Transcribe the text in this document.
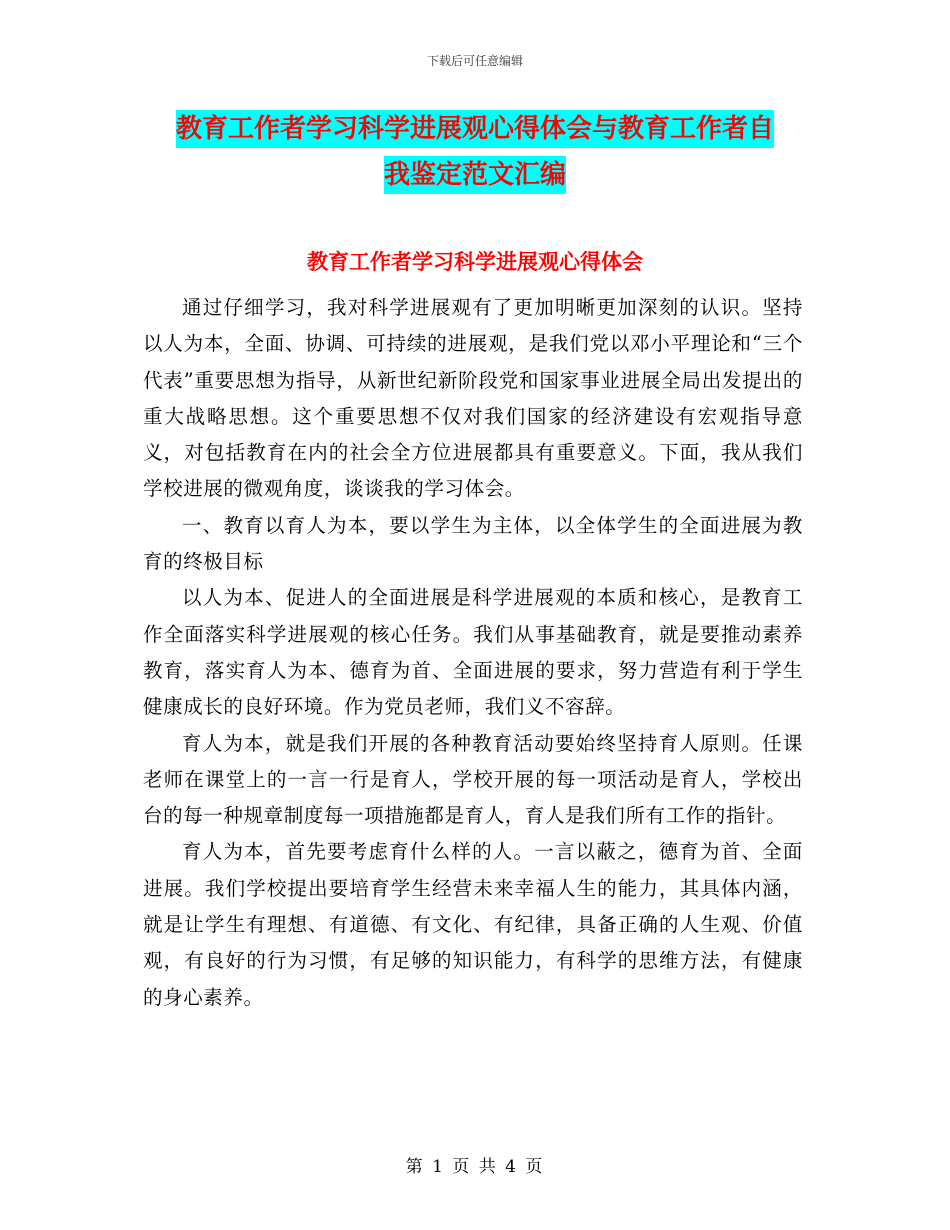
下载后可任意编辑
教育工作者学习科学进展观心得体会与教育工作者自
我鉴定范文汇编
教育工作者学习科学进展观心得体会

通过仔细学习，我对科学进展观有了更加明晰更加深刻的认识。坚持以人为本，全面、协调、可持续的进展观，是我们党以邓小平理论和“三个代表”重要思想为指导，从新世纪新阶段党和国家事业进展全局出发提出的重大战略思想。这个重要思想不仅对我们国家的经济建设有宏观指导意义，对包括教育在内的社会全方位进展都具有重要意义。下面，我从我们学校进展的微观角度，谈谈我的学习体会。

一、教育以育人为本，要以学生为主体，以全体学生的全面进展为教育的终极目标

以人为本、促进人的全面进展是科学进展观的本质和核心，是教育工作全面落实科学进展观的核心任务。我们从事基础教育，就是要推动素养教育，落实育人为本、德育为首、全面进展的要求，努力营造有利于学生健康成长的良好环境。作为党员老师，我们义不容辞。

育人为本，就是我们开展的各种教育活动要始终坚持育人原则。任课老师在课堂上的一言一行是育人，学校开展的每一项活动是育人，学校出台的每一种规章制度每一项措施都是育人，育人是我们所有工作的指针。

育人为本，首先要考虑育什么样的人。一言以蔽之，德育为首、全面进展。我们学校提出要培育学生经营未来幸福人生的能力，其具体内涵，就是让学生有理想、有道德、有文化、有纪律，具备正确的人生观、价值观，有良好的行为习惯，有足够的知识能力，有科学的思维方法，有健康的身心素养。

第 1 页 共 4 页
